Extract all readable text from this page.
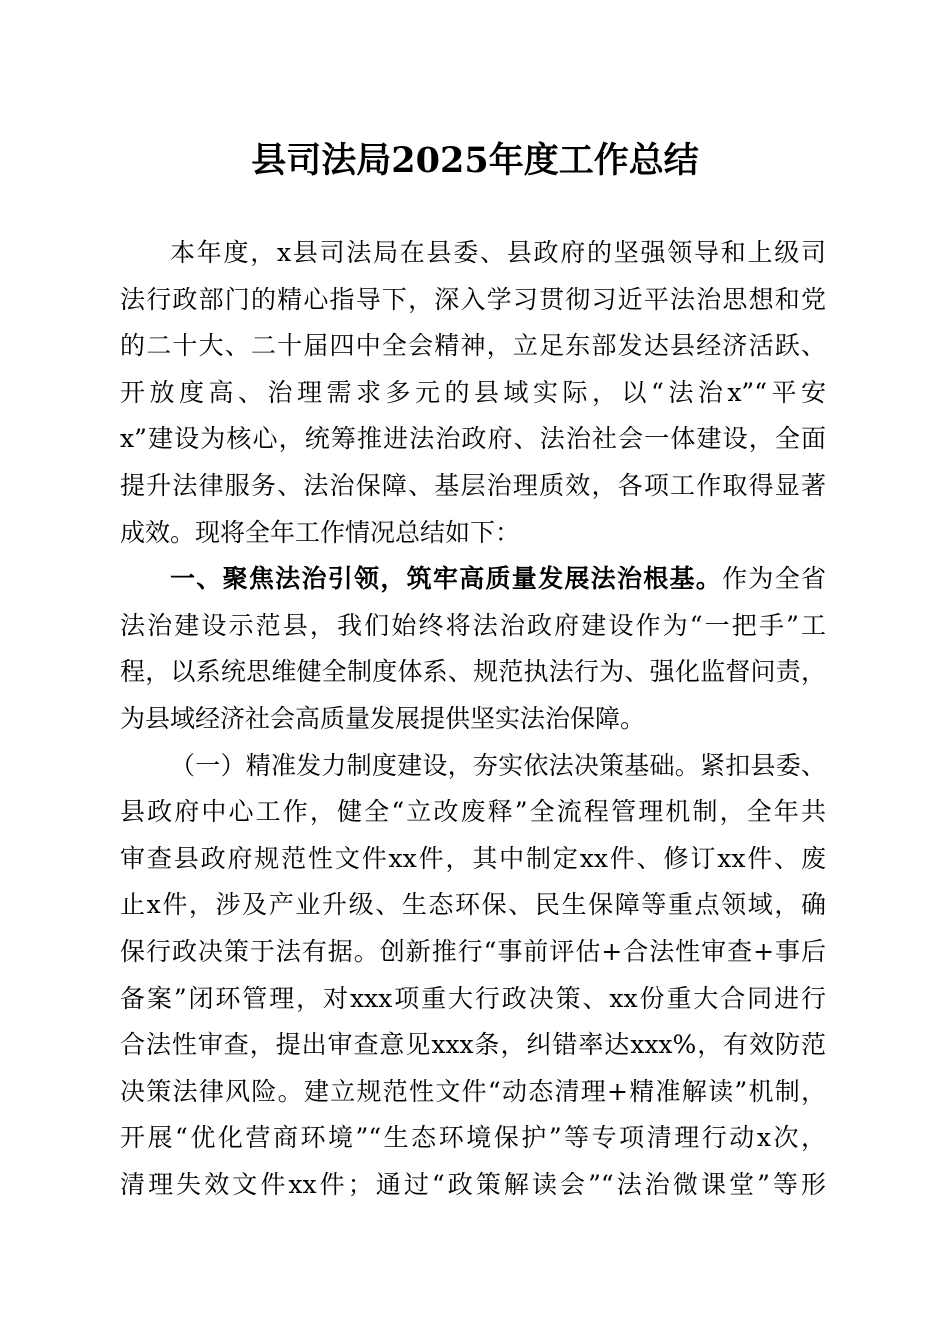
县司法局2025年度工作总结
本年度，x县司法局在县委、县政府的坚强领导和上级司
法行政部门的精心指导下，深入学习贯彻习近平法治思想和党
的二十大、二十届四中全会精神，立足东部发达县经济活跃、
开放度高、治理需求多元的县域实际，以“法治x”“平安
x”建设为核心，统筹推进法治政府、法治社会一体建设，全面
提升法律服务、法治保障、基层治理质效，各项工作取得显著
成效。现将全年工作情况总结如下：
一、聚焦法治引领，筑牢高质量发展法治根基。作为全省
法治建设示范县，我们始终将法治政府建设作为“一把手”工
程，以系统思维健全制度体系、规范执法行为、强化监督问责，
为县域经济社会高质量发展提供坚实法治保障。
（一）精准发力制度建设，夯实依法决策基础。紧扣县委、
县政府中心工作，健全“立改废释”全流程管理机制，全年共
审查县政府规范性文件xx件，其中制定xx件、修订xx件、废
止x件，涉及产业升级、生态环保、民生保障等重点领域，确
保行政决策于法有据。创新推行“事前评估+合法性审查+事后
备案”闭环管理，对xxx项重大行政决策、xx份重大合同进行
合法性审查，提出审查意见xxx条，纠错率达xxx%，有效防范
决策法律风险。建立规范性文件“动态清理+精准解读”机制，
开展“优化营商环境”“生态环境保护”等专项清理行动x次，
清理失效文件xx件；通过“政策解读会”“法治微课堂”等形
